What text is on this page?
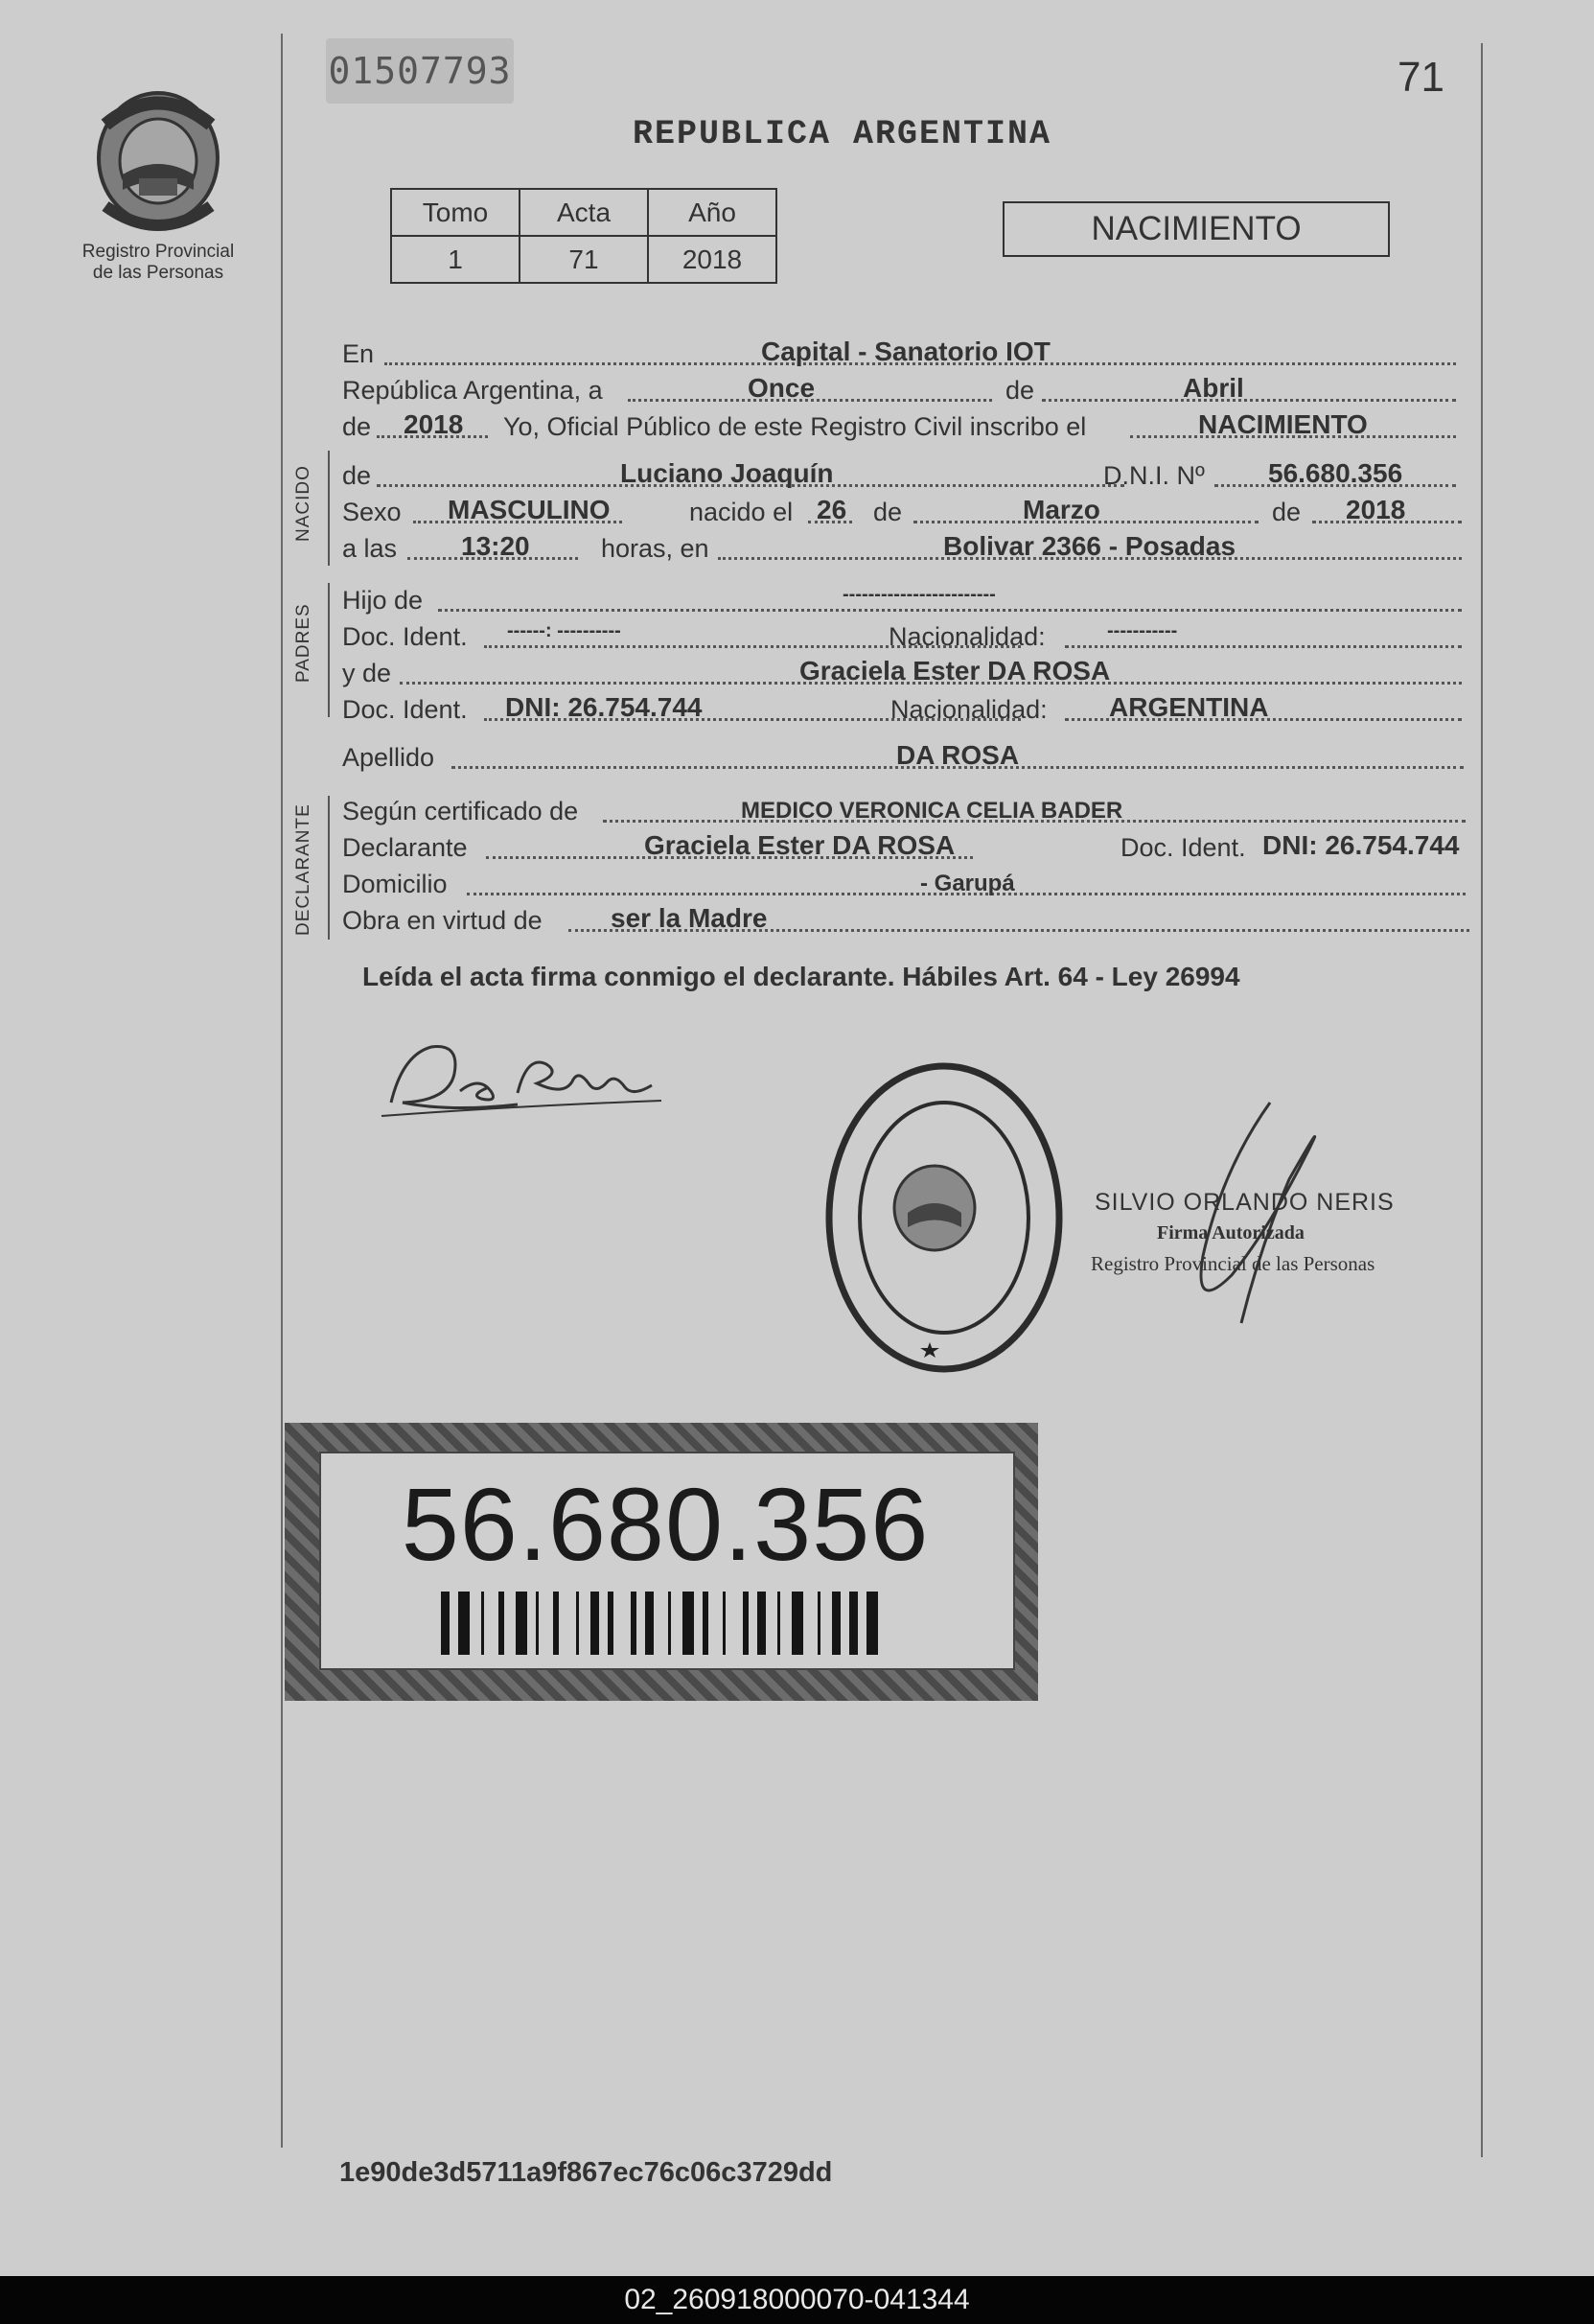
Registro Provincial
de las Personas
01507793	71
REPUBLICA ARGENTINA
Tomo	Acta	Año
1	71	2018
NACIMIENTO
En	Capital - Sanatorio IOT
República Argentina, a	Once	de	Abril
de 2018 Yo, Oficial Público de este Registro Civil inscribo el	NACIMIENTO
NACIDO de	Luciano Joaquín	D.N.I. Nº 56.680.356
Sexo MASCULINO	nacido el 26 de	Marzo	de 2018
a las 13:20	horas, en	Bolivar 2366 - Posadas
PADRES
Hijo de	------------------------
Doc. Ident. ------: ----------	Nacionalidad:	-----------
y de	Graciela Ester DA ROSA
Doc. Ident. DNI: 26.754.744	Nacionalidad: ARGENTINA
Apellido	DA ROSA
DECLARANTE Según certificado de	MEDICO VERONICA CELIA BADER
Declarante	Graciela Ester DA ROSA	Doc. Ident. DNI: 26.754.744
Domicilio	- Garupá
Obra en virtud de	ser la Madre
Leída el acta firma conmigo el declarante. Hábiles Art. 64 - Ley 26994
SILVIO ORLANDO NERIS
Firma Autorizada
Registro Provincial de las Personas
56.680.356
1e90de3d5711a9f867ec76c06c3729dd
02_260918000070-041344
